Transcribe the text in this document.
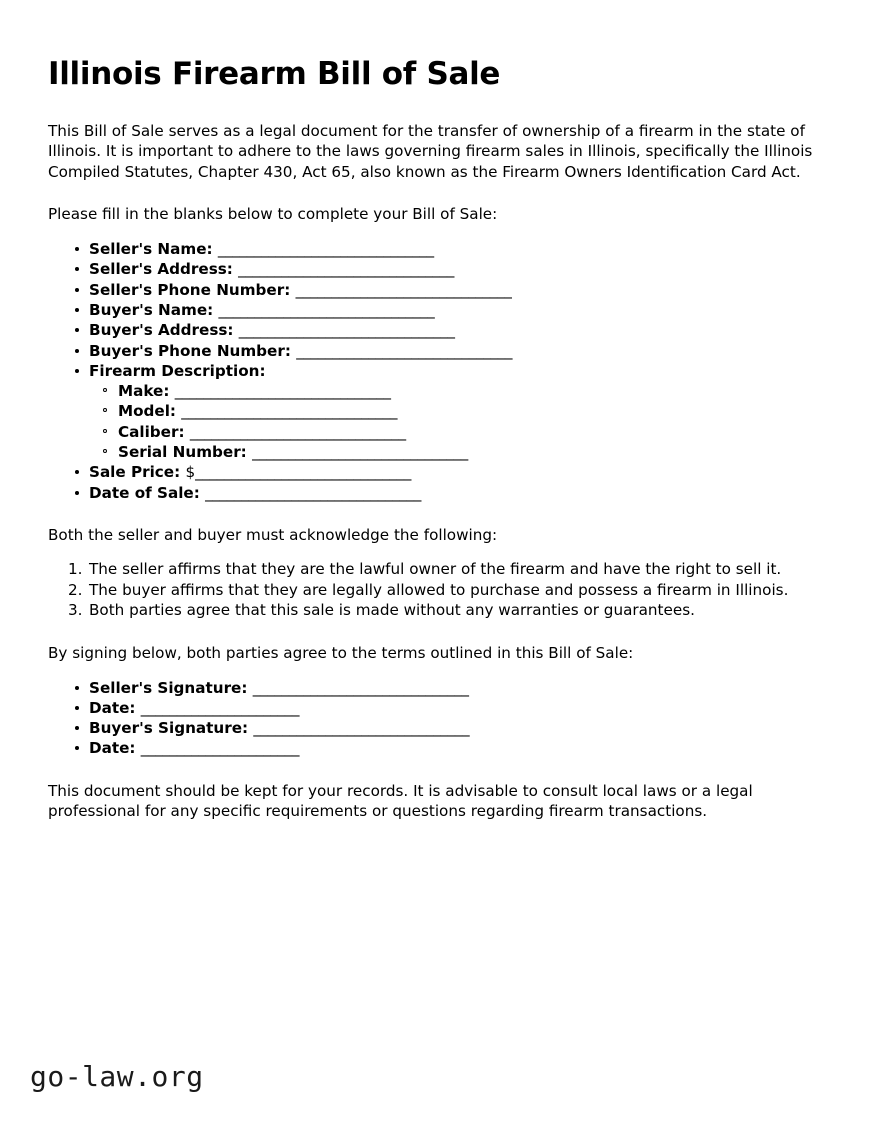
Illinois Firearm Bill of Sale

This Bill of Sale serves as a legal document for the transfer of ownership of a firearm in the state of Illinois. It is important to adhere to the laws governing firearm sales in Illinois, specifically the Illinois Compiled Statutes, Chapter 430, Act 65, also known as the Firearm Owners Identification Card Act.

Please fill in the blanks below to complete your Bill of Sale:

Seller's Name: ______________________________
Seller's Address: ______________________________
Seller's Phone Number: ______________________________
Buyer's Name: ______________________________
Buyer's Address: ______________________________
Buyer's Phone Number: ______________________________
Firearm Description:
Make: ______________________________
Model: ______________________________
Caliber: ______________________________
Serial Number: ______________________________
Sale Price: $______________________________
Date of Sale: ______________________________

Both the seller and buyer must acknowledge the following:

The seller affirms that they are the lawful owner of the firearm and have the right to sell it.
The buyer affirms that they are legally allowed to purchase and possess a firearm in Illinois.
Both parties agree that this sale is made without any warranties or guarantees.

By signing below, both parties agree to the terms outlined in this Bill of Sale:

Seller's Signature: ______________________________
Date: ______________________
Buyer's Signature: ______________________________
Date: ______________________

This document should be kept for your records. It is advisable to consult local laws or a legal professional for any specific requirements or questions regarding firearm transactions.

go-law.org
